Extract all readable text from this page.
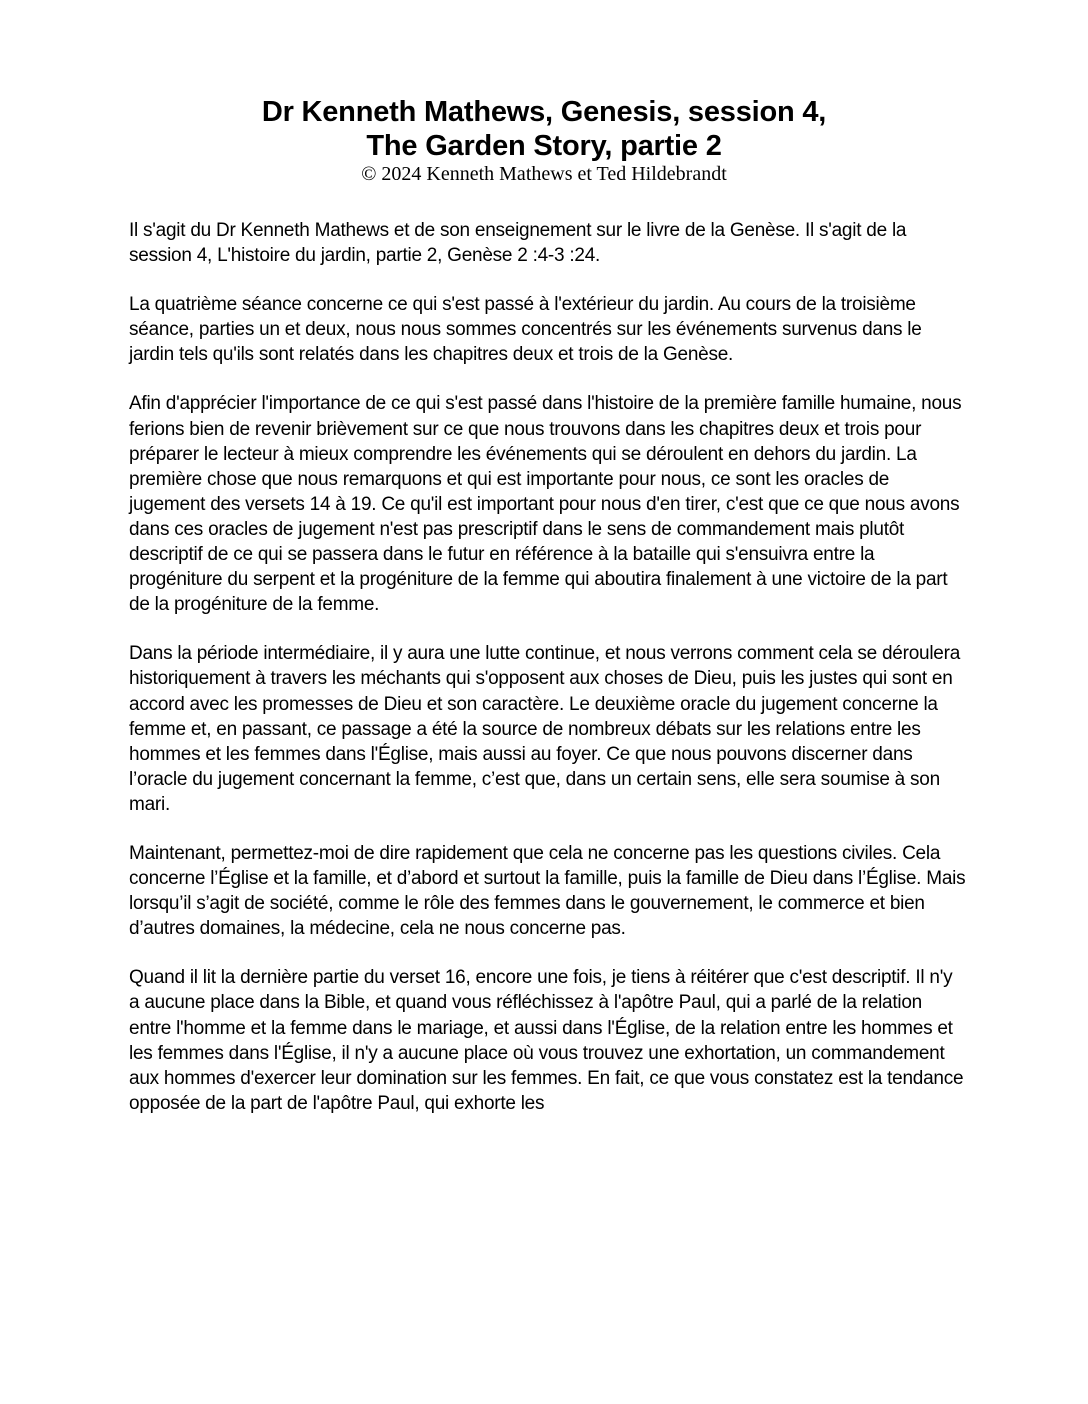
Dr Kenneth Mathews, Genesis, session 4,

The Garden Story, partie 2

© 2024 Kenneth Mathews et Ted Hildebrandt

Il s'agit du Dr Kenneth Mathews et de son enseignement sur le livre de la Genèse. Il s'agit de la session 4, L'histoire du jardin, partie 2, Genèse 2 :4-3 :24.

La quatrième séance concerne ce qui s'est passé à l'extérieur du jardin. Au cours de la troisième séance, parties un et deux, nous nous sommes concentrés sur les événements survenus dans le jardin tels qu'ils sont relatés dans les chapitres deux et trois de la Genèse.

Afin d'apprécier l'importance de ce qui s'est passé dans l'histoire de la première famille humaine, nous ferions bien de revenir brièvement sur ce que nous trouvons dans les chapitres deux et trois pour préparer le lecteur à mieux comprendre les événements qui se déroulent en dehors du jardin. La première chose que nous remarquons et qui est importante pour nous, ce sont les oracles de jugement des versets 14 à 19. Ce qu'il est important pour nous d'en tirer, c'est que ce que nous avons dans ces oracles de jugement n'est pas prescriptif dans le sens de commandement mais plutôt descriptif de ce qui se passera dans le futur en référence à la bataille qui s'ensuivra entre la progéniture du serpent et la progéniture de la femme qui aboutira finalement à une victoire de la part de la progéniture de la femme.

Dans la période intermédiaire, il y aura une lutte continue, et nous verrons comment cela se déroulera historiquement à travers les méchants qui s'opposent aux choses de Dieu, puis les justes qui sont en accord avec les promesses de Dieu et son caractère. Le deuxième oracle du jugement concerne la femme et, en passant, ce passage a été la source de nombreux débats sur les relations entre les hommes et les femmes dans l'Église, mais aussi au foyer. Ce que nous pouvons discerner dans l’oracle du jugement concernant la femme, c’est que, dans un certain sens, elle sera soumise à son mari.

Maintenant, permettez-moi de dire rapidement que cela ne concerne pas les questions civiles. Cela concerne l’Église et la famille, et d’abord et surtout la famille, puis la famille de Dieu dans l’Église. Mais lorsqu’il s’agit de société, comme le rôle des femmes dans le gouvernement, le commerce et bien d’autres domaines, la médecine, cela ne nous concerne pas.

Quand il lit la dernière partie du verset 16, encore une fois, je tiens à réitérer que c'est descriptif. Il n'y a aucune place dans la Bible, et quand vous réfléchissez à l'apôtre Paul, qui a parlé de la relation entre l'homme et la femme dans le mariage, et aussi dans l'Église, de la relation entre les hommes et les femmes dans l'Église, il n'y a aucune place où vous trouvez une exhortation, un commandement aux hommes d'exercer leur domination sur les femmes. En fait, ce que vous constatez est la tendance opposée de la part de l'apôtre Paul, qui exhorte les
